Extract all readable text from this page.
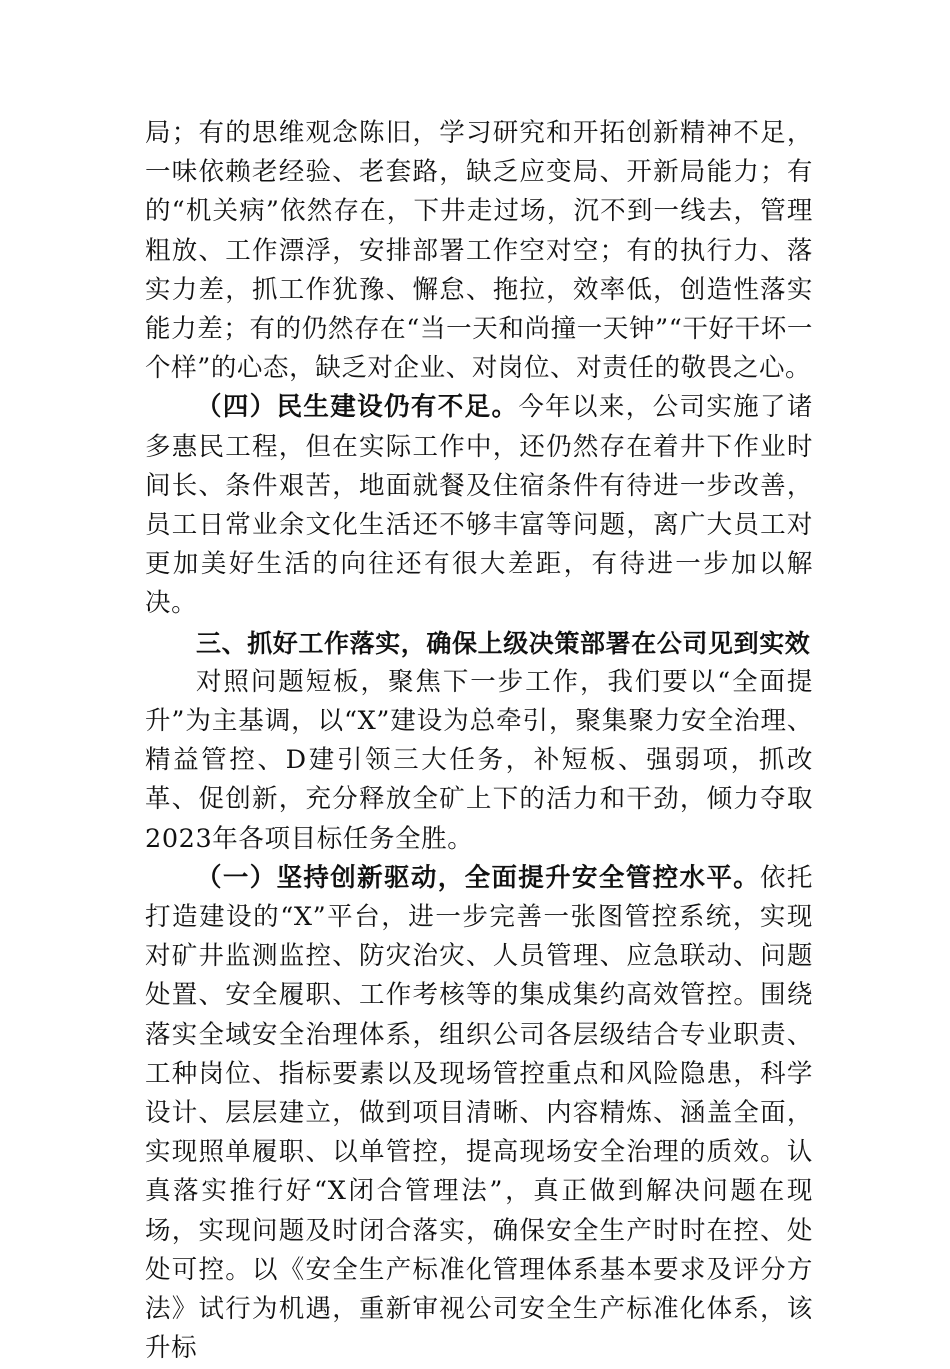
局；有的思维观念陈旧，学习研究和开拓创新精神不足，一味依赖老经验、老套路，缺乏应变局、开新局能力；有的“机关病”依然存在，下井走过场，沉不到一线去，管理粗放、工作漂浮，安排部署工作空对空；有的执行力、落实力差，抓工作犹豫、懈怠、拖拉，效率低，创造性落实能力差；有的仍然存在“当一天和尚撞一天钟”“干好干坏一个样”的心态，缺乏对企业、对岗位、对责任的敬畏之心。

（四）民生建设仍有不足。今年以来，公司实施了诸多惠民工程，但在实际工作中，还仍然存在着井下作业时间长、条件艰苦，地面就餐及住宿条件有待进一步改善，员工日常业余文化生活还不够丰富等问题，离广大员工对更加美好生活的向往还有很大差距，有待进一步加以解决。

三、抓好工作落实，确保上级决策部署在公司见到实效

对照问题短板，聚焦下一步工作，我们要以“全面提升”为主基调，以“X”建设为总牵引，聚集聚力安全治理、精益管控、D建引领三大任务，补短板、强弱项，抓改革、促创新，充分释放全矿上下的活力和干劲，倾力夺取2023年各项目标任务全胜。

（一）坚持创新驱动，全面提升安全管控水平。依托打造建设的“X”平台，进一步完善一张图管控系统，实现对矿井监测监控、防灾治灾、人员管理、应急联动、问题处置、安全履职、工作考核等的集成集约高效管控。围绕落实全域安全治理体系，组织公司各层级结合专业职责、工种岗位、指标要素以及现场管控重点和风险隐患，科学设计、层层建立，做到项目清晰、内容精炼、涵盖全面，实现照单履职、以单管控，提高现场安全治理的质效。认真落实推行好“X闭合管理法”，真正做到解决问题在现场，实现问题及时闭合落实，确保安全生产时时在控、处处可控。以《安全生产标准化管理体系基本要求及评分方法》试行为机遇，重新审视公司安全生产标准化体系，该升标
